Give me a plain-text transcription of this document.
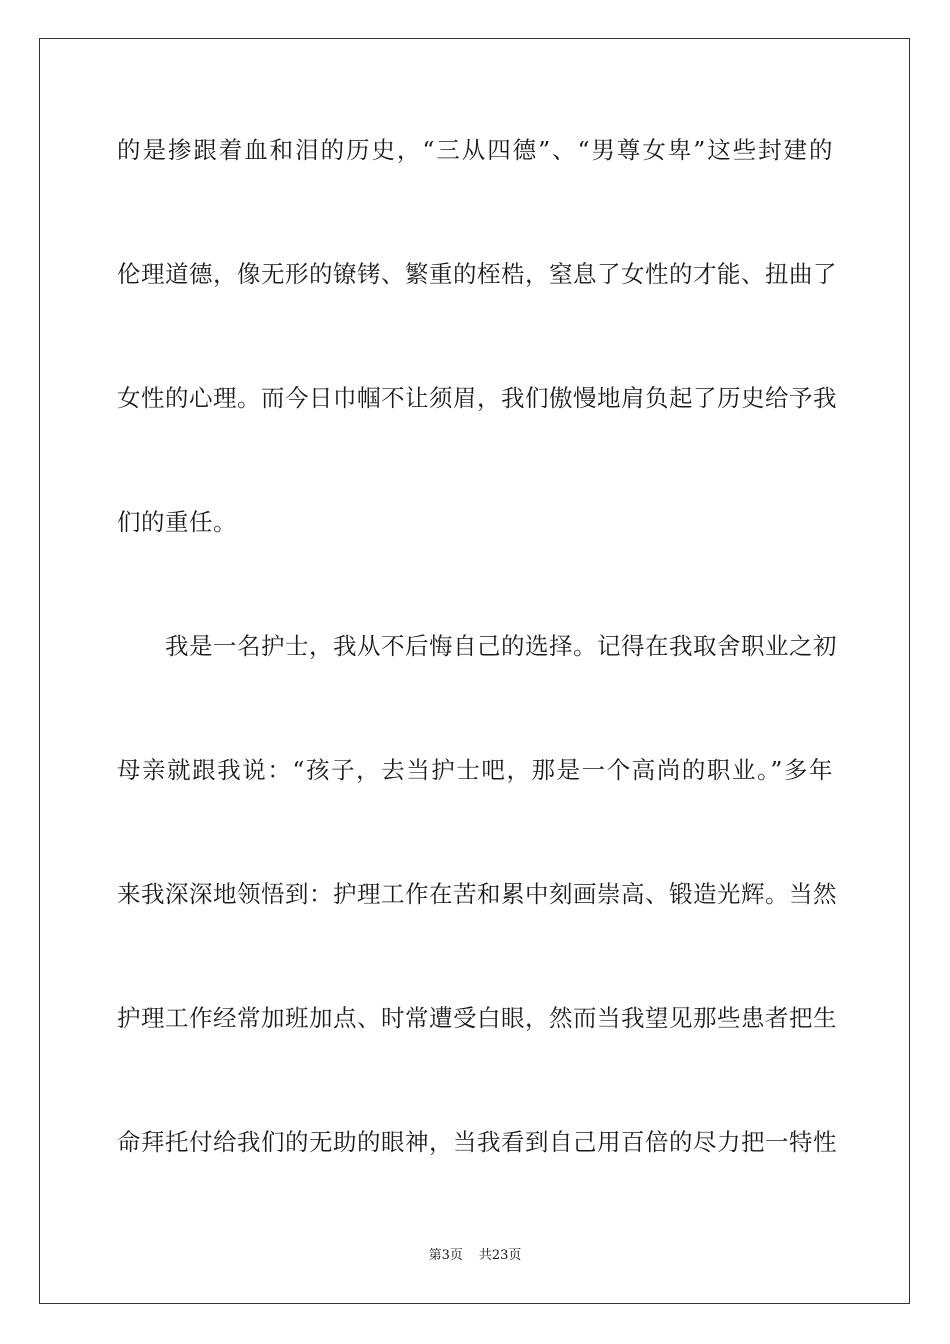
的是掺跟着血和泪的历史，“三从四德”、“男尊女卑”这些封建的
伦理道德，像无形的镣铐、繁重的桎梏，窒息了女性的才能、扭曲了
女性的心理。而今日巾帼不让须眉，我们傲慢地肩负起了历史给予我
们的重任。
我是一名护士，我从不后悔自己的选择。记得在我取舍职业之初
母亲就跟我说：“孩子，去当护士吧，那是一个高尚的职业。”多年
来我深深地领悟到：护理工作在苦和累中刻画崇高、锻造光辉。当然
护理工作经常加班加点、时常遭受白眼，然而当我望见那些患者把生
命拜托付给我们的无助的眼神，当我看到自己用百倍的尽力把一特性
第3页 共23页
